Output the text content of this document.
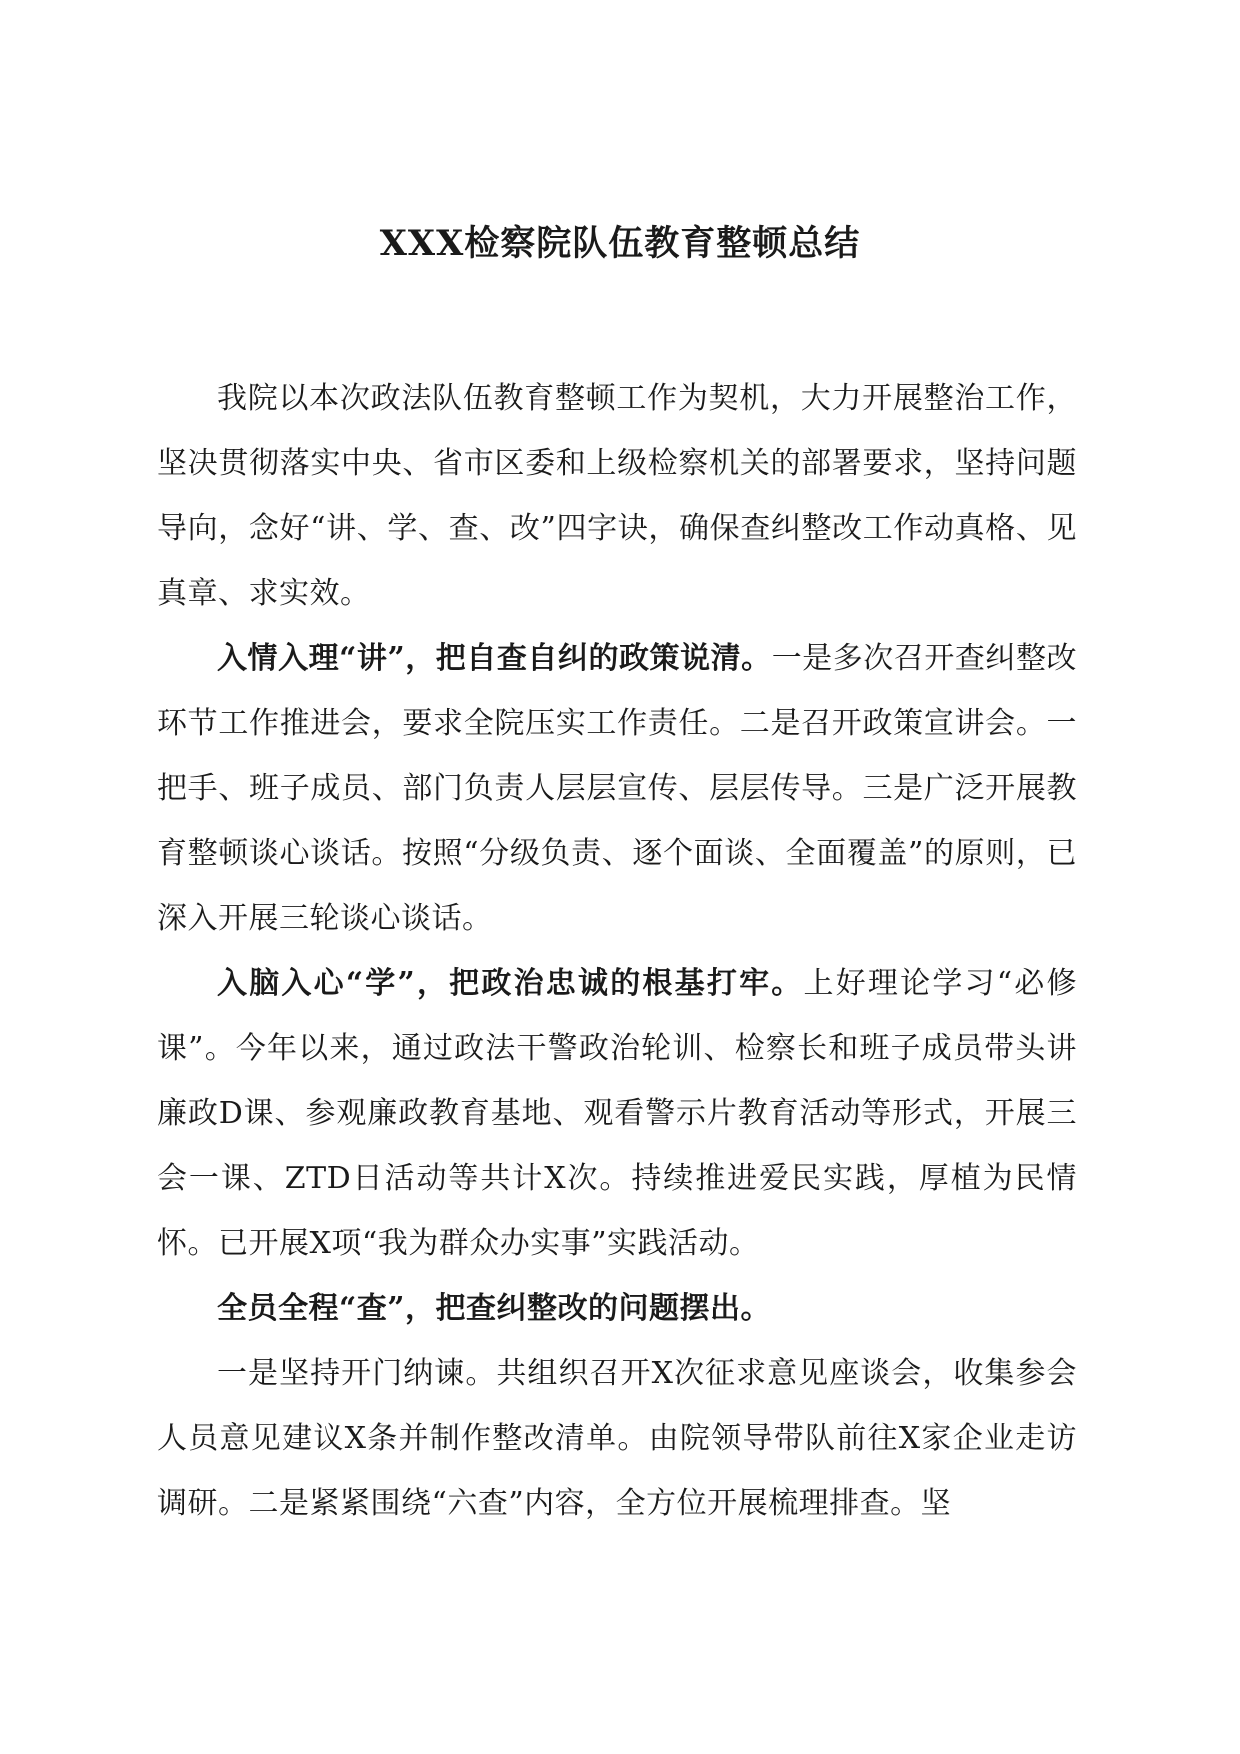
XXX检察院队伍教育整顿总结

我院以本次政法队伍教育整顿工作为契机，大力开展整治工作，坚决贯彻落实中央、省市区委和上级检察机关的部署要求，坚持问题导向，念好“讲、学、查、改”四字诀，确保查纠整改工作动真格、见真章、求实效。

入情入理“讲”，把自查自纠的政策说清。一是多次召开查纠整改环节工作推进会，要求全院压实工作责任。二是召开政策宣讲会。一把手、班子成员、部门负责人层层宣传、层层传导。三是广泛开展教育整顿谈心谈话。按照“分级负责、逐个面谈、全面覆盖”的原则，已深入开展三轮谈心谈话。

入脑入心“学”，把政治忠诚的根基打牢。上好理论学习“必修课”。今年以来，通过政法干警政治轮训、检察长和班子成员带头讲廉政D课、参观廉政教育基地、观看警示片教育活动等形式，开展三会一课、ZTD日活动等共计X次。持续推进爱民实践，厚植为民情怀。已开展X项“我为群众办实事”实践活动。

全员全程“查”，把查纠整改的问题摆出。

一是坚持开门纳谏。共组织召开X次征求意见座谈会，收集参会人员意见建议X条并制作整改清单。由院领导带队前往X家企业走访调研。二是紧紧围绕“六查”内容，全方位开展梳理排查。坚
